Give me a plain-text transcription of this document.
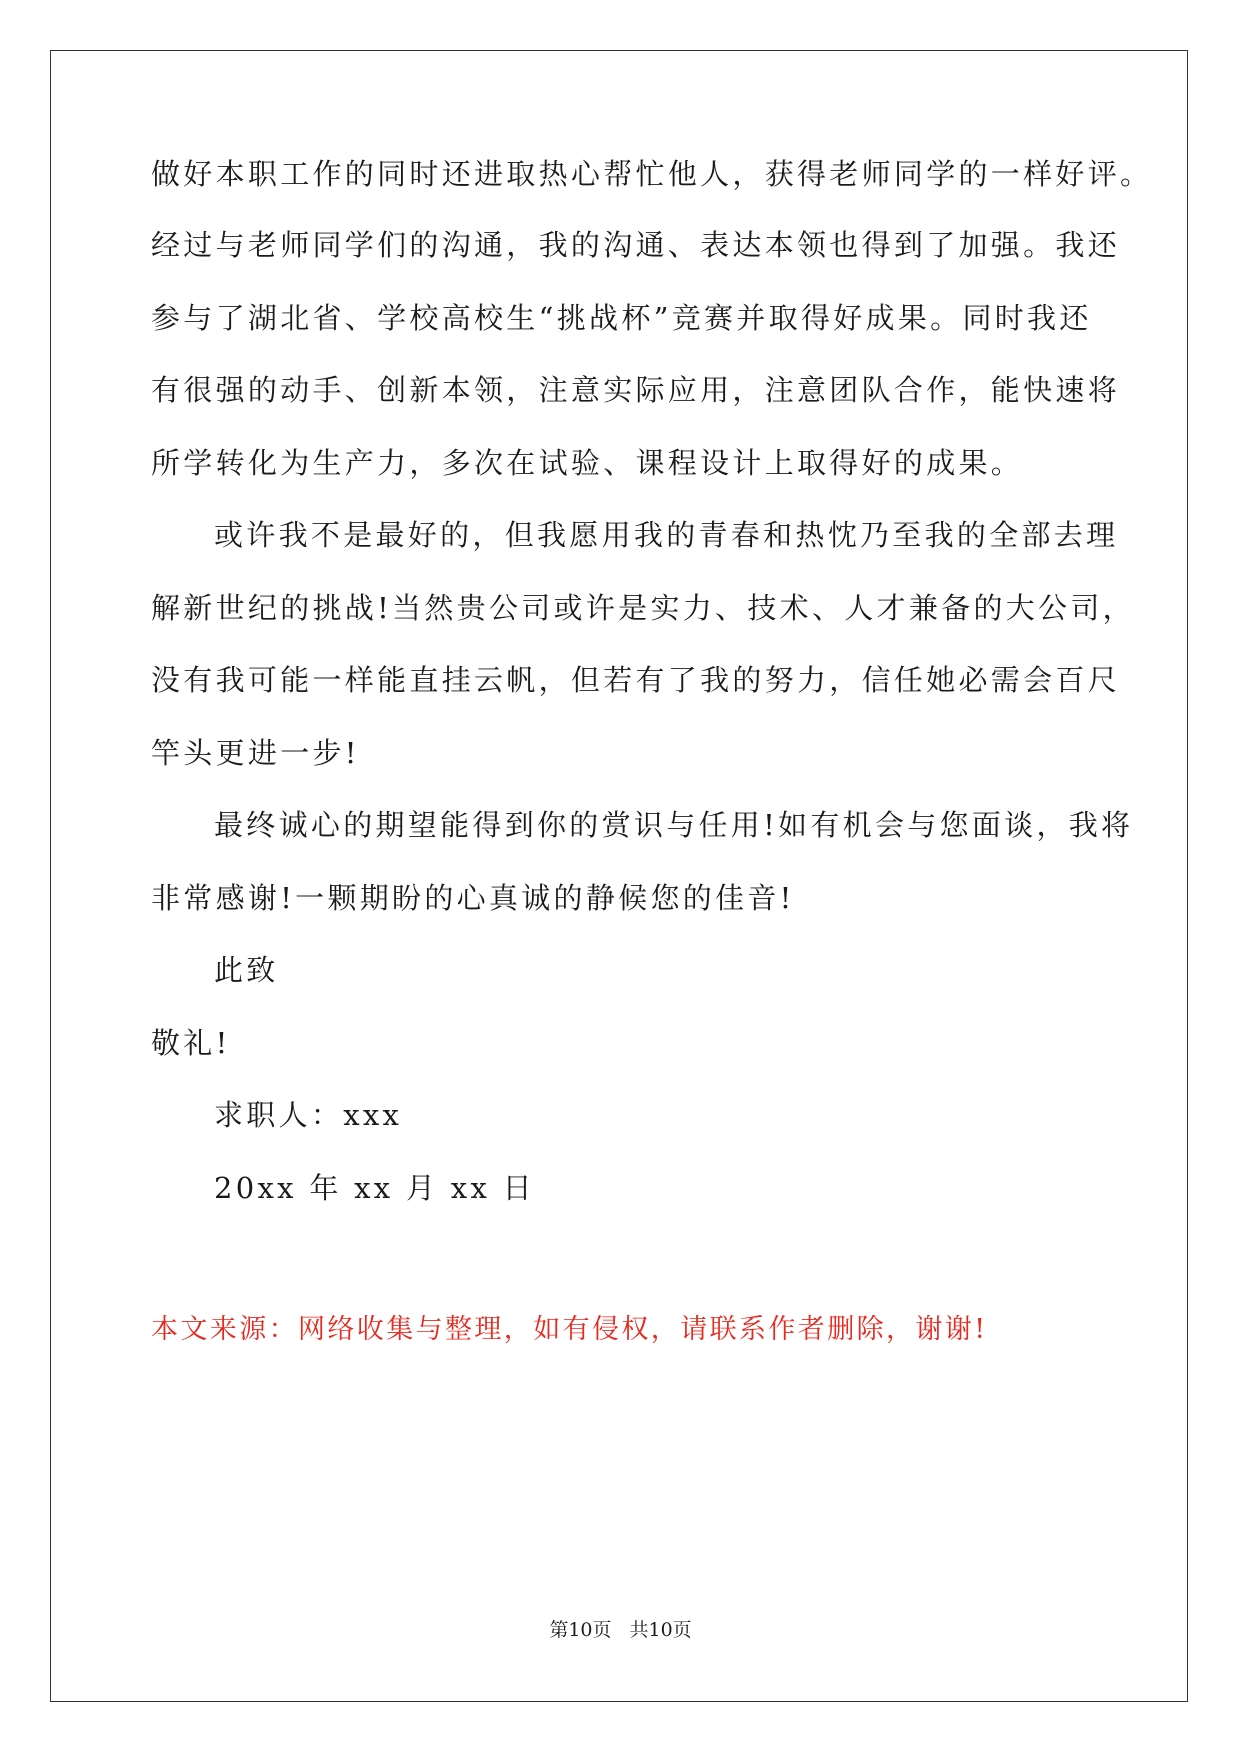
做好本职工作的同时还进取热心帮忙他人，获得老师同学的一样好评。
经过与老师同学们的沟通，我的沟通、表达本领也得到了加强。我还
参与了湖北省、学校高校生“挑战杯”竞赛并取得好成果。同时我还
有很强的动手、创新本领，注意实际应用，注意团队合作，能快速将
所学转化为生产力，多次在试验、课程设计上取得好的成果。
或许我不是最好的，但我愿用我的青春和热忱乃至我的全部去理
解新世纪的挑战!当然贵公司或许是实力、技术、人才兼备的大公司，
没有我可能一样能直挂云帆，但若有了我的努力，信任她必需会百尺
竿头更进一步!
最终诚心的期望能得到你的赏识与任用!如有机会与您面谈，我将
非常感谢!一颗期盼的心真诚的静候您的佳音!
此致
敬礼!
求职人：xxx
20xx 年 xx 月 xx 日
本文来源：网络收集与整理，如有侵权，请联系作者删除，谢谢!
第10页 共10页
